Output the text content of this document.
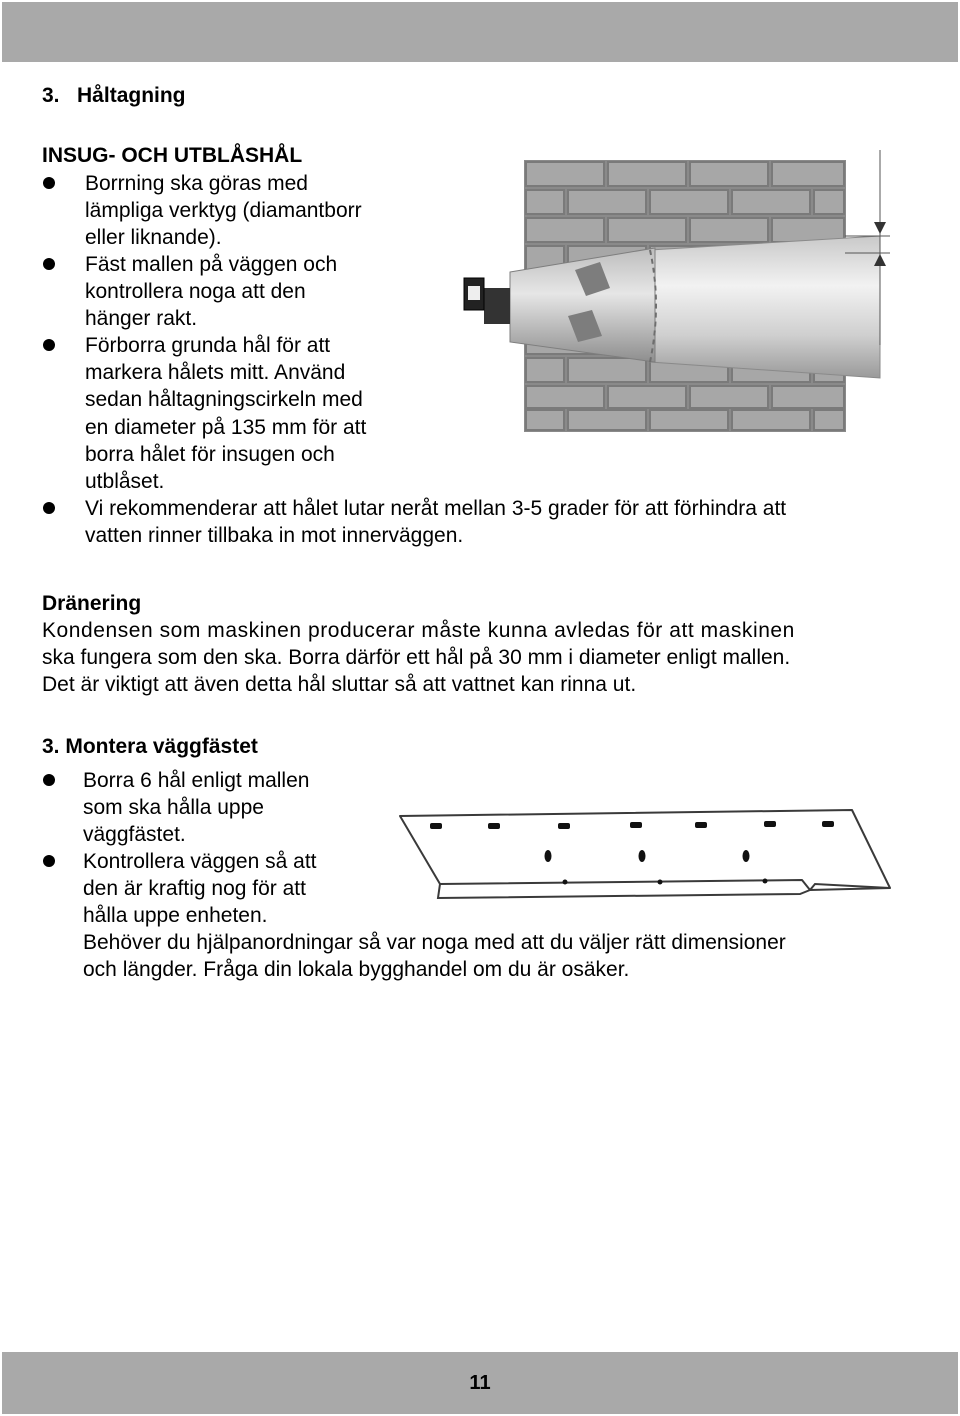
3.   Håltagning
INSUG- OCH UTBLÅSHÅL
Borrning ska göras med
lämpliga verktyg (diamantborr
eller liknande).
Fäst mallen på väggen och
kontrollera noga att den
hänger rakt.
Förborra grunda hål för att
markera hålets mitt. Använd
sedan håltagningscirkeln med
en diameter på 135 mm för att
borra hålet för insugen och
utblåset.
Vi rekommenderar att hålet lutar neråt mellan 3-5 grader för att förhindra att
vatten rinner tillbaka in mot innerväggen.
Dränering
Kondensen som maskinen producerar måste kunna avledas för att maskinen
ska fungera som den ska. Borra därför ett hål på 30 mm i diameter enligt mallen.
Det är viktigt att även detta hål sluttar så att vattnet kan rinna ut.
3. Montera väggfästet
Borra 6 hål enligt mallen
som ska hålla uppe
väggfästet.
Kontrollera väggen så att
den är kraftig nog för att
hålla uppe enheten.
Behöver du hjälpanordningar så var noga med att du väljer rätt dimensioner
och längder. Fråga din lokala bygghandel om du är osäker.
11
